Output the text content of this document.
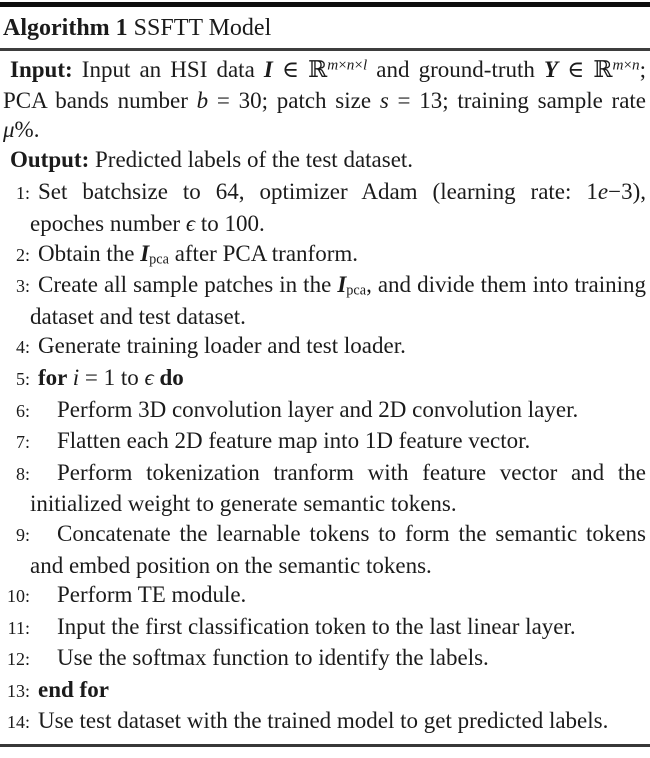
Algorithm 1 SSFTT Model
Input: Input an HSI data I ∈ ℝ$^{m\times n\times l}$ and ground-truth Y ∈ ℝ$^{m\times n}$; PCA bands number b = 30; patch size s = 13; training sample rate μ%.
Output: Predicted labels of the test dataset.
1: Set batchsize to 64, optimizer Adam (learning rate: 1e−3), epoches number ϵ to 100.
2: Obtain the Ipca after PCA tranform.
3: Create all sample patches in the Ipca, and divide them into training dataset and test dataset.
4: Generate training loader and test loader.
5: for i = 1 to ϵ do
6: Perform 3D convolution layer and 2D convolution layer.
7: Flatten each 2D feature map into 1D feature vector.
8: Perform tokenization tranform with feature vector and the initialized weight to generate semantic tokens.
9: Concatenate the learnable tokens to form the semantic tokens and embed position on the semantic tokens.
10: Perform TE module.
11: Input the first classification token to the last linear layer.
12: Use the softmax function to identify the labels.
13: end for
14: Use test dataset with the trained model to get predicted labels.
